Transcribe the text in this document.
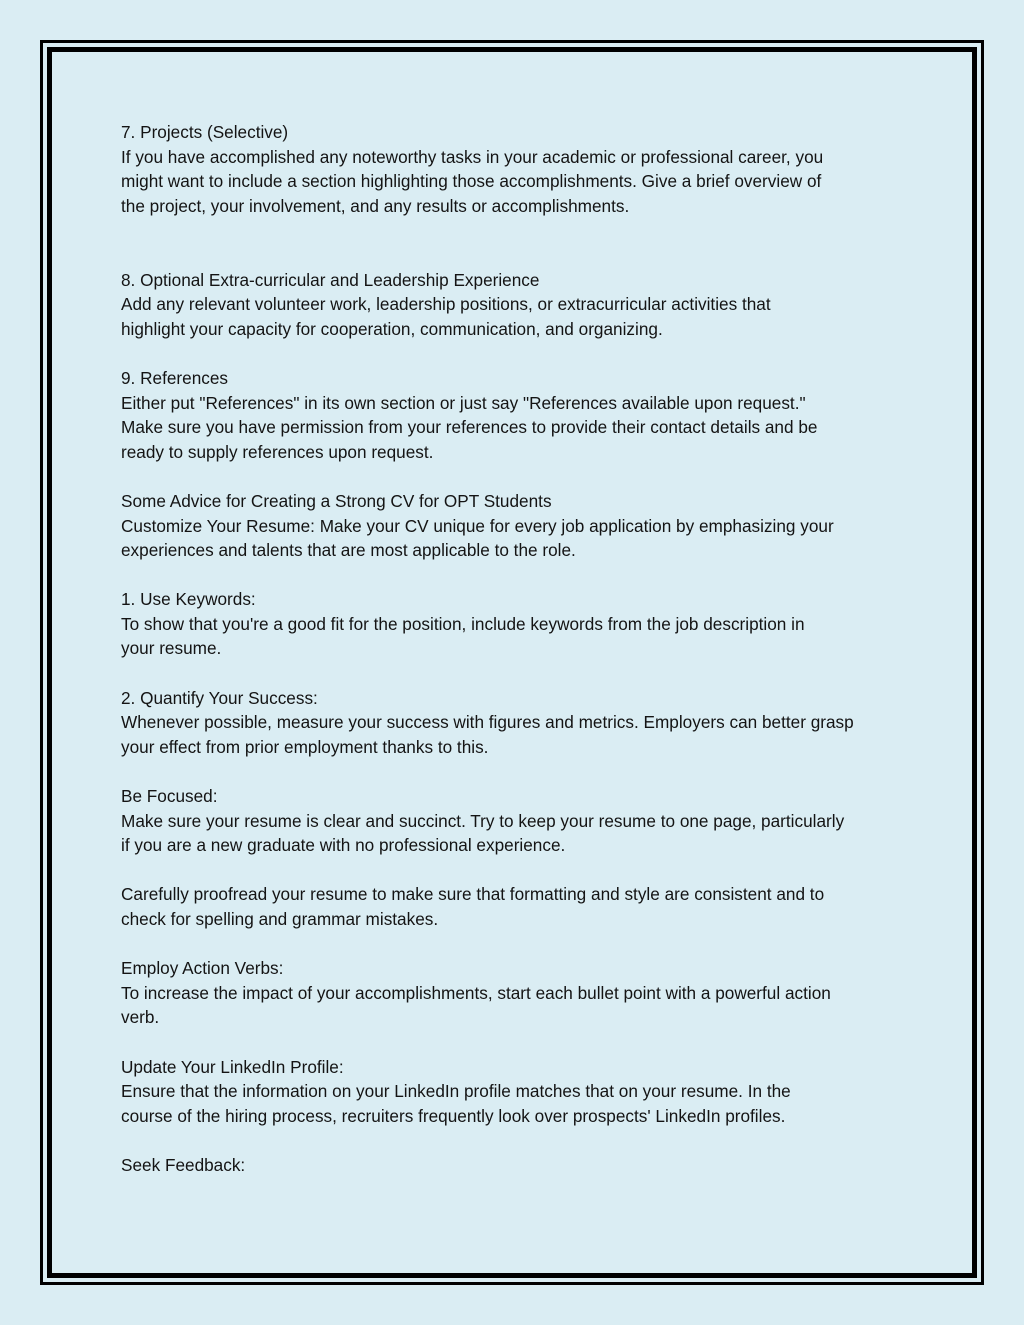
7. Projects (Selective)
If you have accomplished any noteworthy tasks in your academic or professional career, you
might want to include a section highlighting those accomplishments. Give a brief overview of
the project, your involvement, and any results or accomplishments.
8. Optional Extra-curricular and Leadership Experience
Add any relevant volunteer work, leadership positions, or extracurricular activities that
highlight your capacity for cooperation, communication, and organizing.
9. References
Either put "References" in its own section or just say "References available upon request."
Make sure you have permission from your references to provide their contact details and be
ready to supply references upon request.
Some Advice for Creating a Strong CV for OPT Students
Customize Your Resume: Make your CV unique for every job application by emphasizing your
experiences and talents that are most applicable to the role.
1. Use Keywords:
To show that you're a good fit for the position, include keywords from the job description in
your resume.
2. Quantify Your Success:
Whenever possible, measure your success with figures and metrics. Employers can better grasp
your effect from prior employment thanks to this.
Be Focused:
Make sure your resume is clear and succinct. Try to keep your resume to one page, particularly
if you are a new graduate with no professional experience.
Carefully proofread your resume to make sure that formatting and style are consistent and to
check for spelling and grammar mistakes.
Employ Action Verbs:
To increase the impact of your accomplishments, start each bullet point with a powerful action
verb.
Update Your LinkedIn Profile:
Ensure that the information on your LinkedIn profile matches that on your resume. In the
course of the hiring process, recruiters frequently look over prospects' LinkedIn profiles.
Seek Feedback:
